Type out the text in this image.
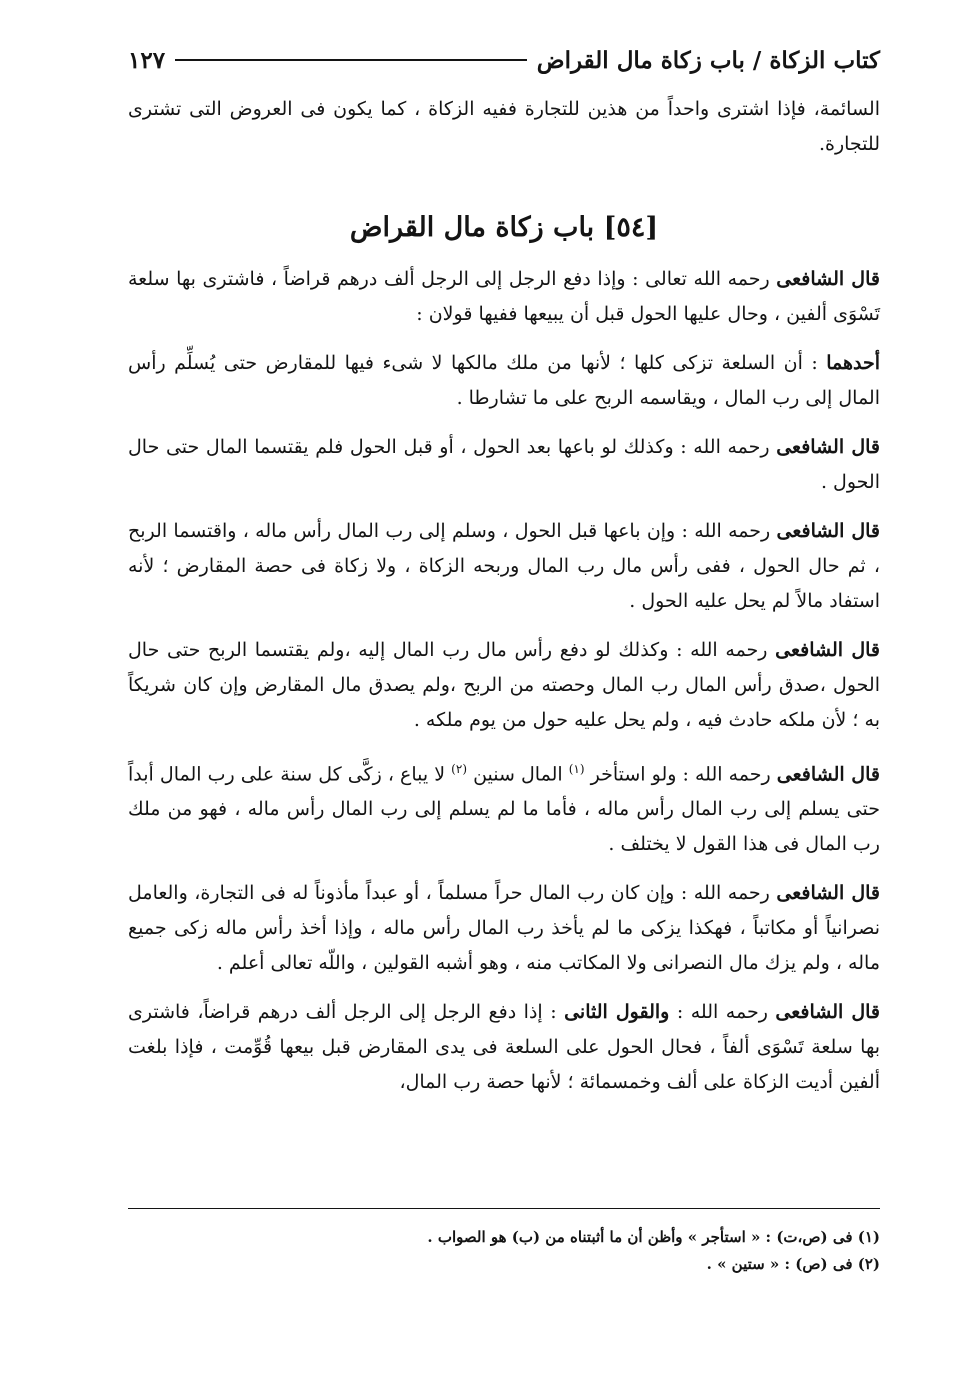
١٢٧	كتاب الزكاة / باب زكاة مال القراض

السائمة، فإذا اشترى واحداً من هذين للتجارة ففيه الزكاة ، كما يكون فى العروض التى تشترى للتجارة.

[٥٤] باب زكاة مال القراض

قال الشافعى رحمه الله تعالى : وإذا دفع الرجل إلى الرجل ألف درهم قراضاً ، فاشترى بها سلعة تَسْوَى ألفين ، وحال عليها الحول قبل أن يبيعها ففيها قولان :

أحدهما : أن السلعة تزكى كلها ؛ لأنها من ملك مالكها لا شىء فيها للمقارض حتى يُسلِّم رأس المال إلى رب المال ، ويقاسمه الربح على ما تشارطا .

قال الشافعى رحمه الله : وكذلك لو باعها بعد الحول ، أو قبل الحول فلم يقتسما المال حتى حال الحول .

قال الشافعى رحمه الله : وإن باعها قبل الحول ، وسلم إلى رب المال رأس ماله ، واقتسما الربح ، ثم حال الحول ، ففى رأس مال رب المال وربحه الزكاة ، ولا زكاة فى حصة المقارض ؛ لأنه استفاد مالاً لم يحل عليه الحول .

قال الشافعى رحمه الله : وكذلك لو دفع رأس مال رب المال إليه ،ولم يقتسما الربح حتى حال الحول ،صدق رأس المال رب المال وحصته من الربح ،ولم يصدق مال المقارض وإن كان شريكاً به ؛ لأن ملكه حادث فيه ، ولم يحل عليه حول من يوم ملكه .

قال الشافعى رحمه الله : ولو استأخر $^{(١)}$ المال سنين $^{(٢)}$ لا يباع ، زكَّى كل سنة على رب المال أبداً حتى يسلم إلى رب المال رأس ماله ، فأما ما لم يسلم إلى رب المال رأس ماله ، فهو من ملك رب المال فى هذا القول لا يختلف .

قال الشافعى رحمه الله : وإن كان رب المال حراً مسلماً ، أو عبداً مأذوناً له فى التجارة، والعامل نصرانياً أو مكاتباً ، فهكذا يزكى ما لم يأخذ رب المال رأس ماله ، وإذا أخذ رأس ماله زكى جميع ماله ، ولم يزك مال النصرانى ولا المكاتب منه ، وهو أشبه القولين ، واللّه تعالى أعلم .

قال الشافعى رحمه الله : والقول الثانى : إذا دفع الرجل إلى الرجل ألف درهم قراضاً، فاشترى بها سلعة تَسْوَى ألفاً ، فحال الحول على السلعة فى يدى المقارض قبل بيعها قُوِّمت ، فإذا بلغت ألفين أديت الزكاة على ألف وخمسمائة ؛ لأنها حصة رب المال،

(١) فى (ص،ت) : « استأجر » وأظن أن ما أثبتناه من (ب) هو الصواب .

(٢) فى (ص) : « ستين » .
